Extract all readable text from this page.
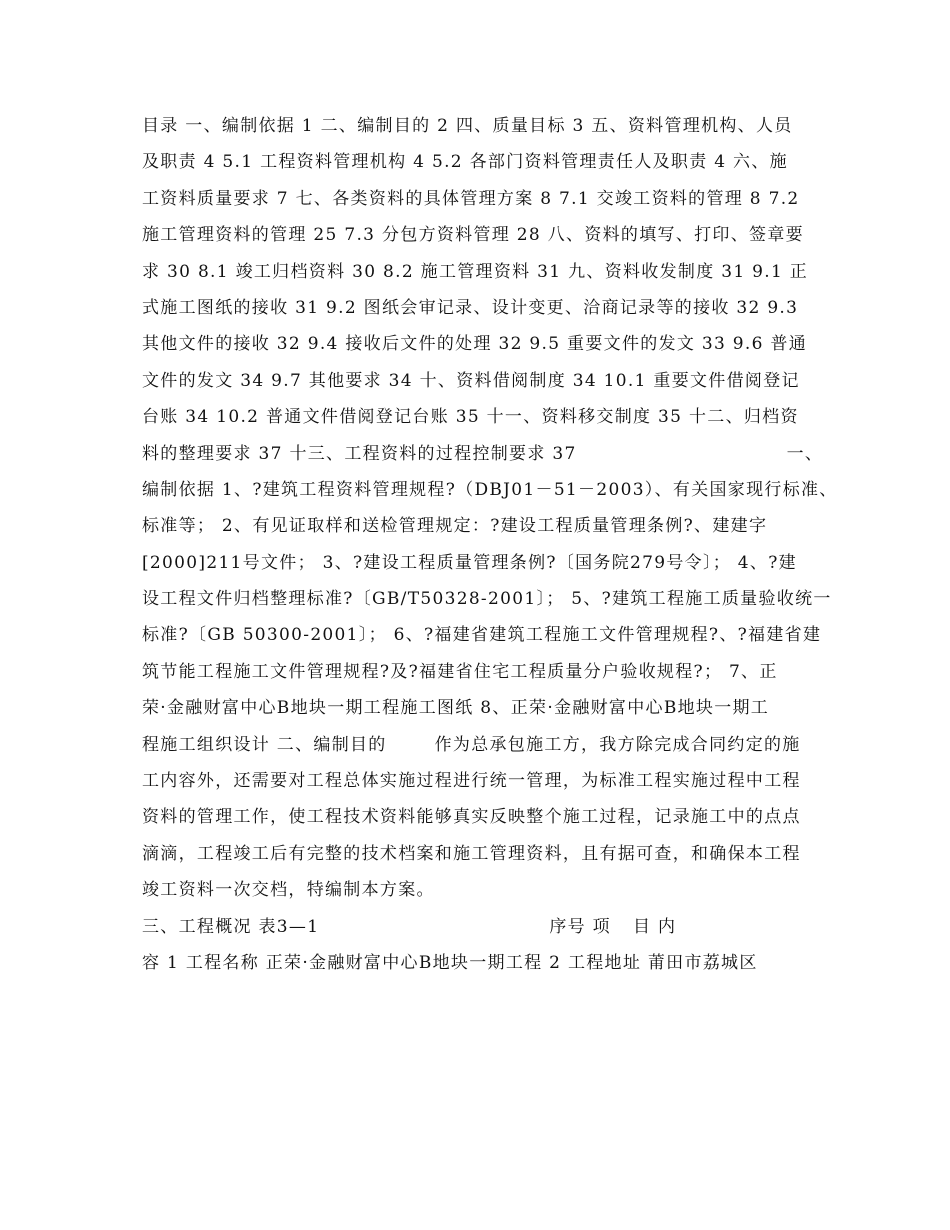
目录 一、编制依据 1 二、编制目的 2 四、质量目标 3 五、资料管理机构、人员
及职责 4 5.1 工程资料管理机构 4 5.2 各部门资料管理责任人及职责 4 六、施
工资料质量要求 7 七、各类资料的具体管理方案 8 7.1 交竣工资料的管理 8 7.2
施工管理资料的管理 25 7.3 分包方资料管理 28 八、资料的填写、打印、签章要
求 30 8.1 竣工归档资料 30 8.2 施工管理资料 31 九、资料收发制度 31 9.1 正
式施工图纸的接收 31 9.2 图纸会审记录、设计变更、洽商记录等的接收 32 9.3
其他文件的接收 32 9.4 接收后文件的处理 32 9.5 重要文件的发文 33 9.6 普通
文件的发文 34 9.7 其他要求 34 十、资料借阅制度 34 10.1 重要文件借阅登记
台账 34 10.2 普通文件借阅登记台账 35 十一、资料移交制度 35 十二、归档资
料的整理要求 37 十三、工程资料的过程控制要求 37	一、
编制依据 1、?建筑工程资料管理规程?（DBJ01－51－2003）、有关国家现行标准、
标准等； 2、有见证取样和送检管理规定：?建设工程质量管理条例?、建建字
[2000]211号文件； 3、?建设工程质量管理条例?〔国务院279号令〕； 4、?建
设工程文件归档整理标准?〔GB/T50328-2001〕； 5、?建筑工程施工质量验收统一
标准?〔GB 50300-2001〕； 6、?福建省建筑工程施工文件管理规程?、?福建省建
筑节能工程施工文件管理规程?及?福建省住宅工程质量分户验收规程?； 7、正
荣·金融财富中心B地块一期工程施工图纸 8、正荣·金融财富中心B地块一期工
程施工组织设计 二、编制目的	作为总承包施工方，我方除完成合同约定的施
工内容外，还需要对工程总体实施过程进行统一管理，为标准工程实施过程中工程
资料的管理工作，使工程技术资料能够真实反映整个施工过程，记录施工中的点点
滴滴，工程竣工后有完整的技术档案和施工管理资料，且有据可查，和确保本工程
竣工资料一次交档，特编制本方案。
三、工程概况 表3—1	序号 项 目 内
容 1 工程名称 正荣·金融财富中心B地块一期工程 2 工程地址 莆田市荔城区
